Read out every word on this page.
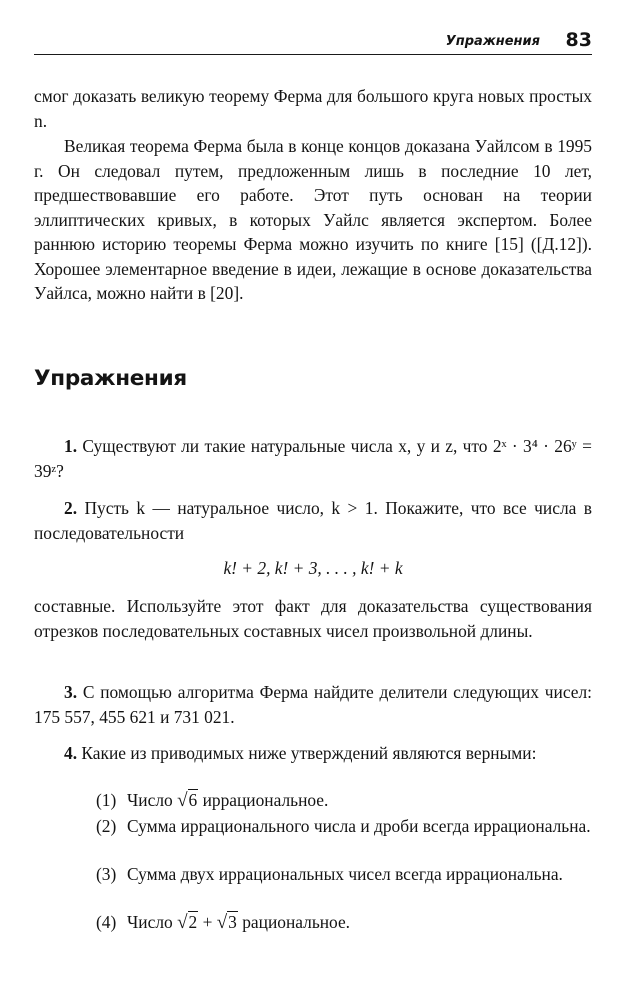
Упражнения 83

смог доказать великую теорему Ферма для большого круга новых простых n.

Великая теорема Ферма была в конце концов доказана Уайлсом в 1995 г. Он следовал путем, предложенным лишь в последние 10 лет, предшествовавшие его работе. Этот путь основан на теории эллиптических кривых, в которых Уайлс является экспертом. Более раннюю историю теоремы Ферма можно изучить по книге [15] ([Д.12]). Хорошее элементарное введение в идеи, лежащие в основе доказательства Уайлса, можно найти в [20].

Упражнения

1. Существуют ли такие натуральные числа x, y и z, что 2ˣ · 3⁴ · 26ʸ = 39ᶻ?

2. Пусть k — натуральное число, k > 1. Покажите, что все числа в последовательности

k! + 2, k! + 3, . . . , k! + k

составные. Используйте этот факт для доказательства существования отрезков последовательных составных чисел произвольной длины.

3. С помощью алгоритма Ферма найдите делители следующих чисел: 175 557, 455 621 и 731 021.

4. Какие из приводимых ниже утверждений являются верными:

(1) Число √6 иррациональное.
(2) Сумма иррационального числа и дроби всегда иррациональна.
(3) Сумма двух иррациональных чисел всегда иррациональна.
(4) Число √2 + √3 рациональное.
